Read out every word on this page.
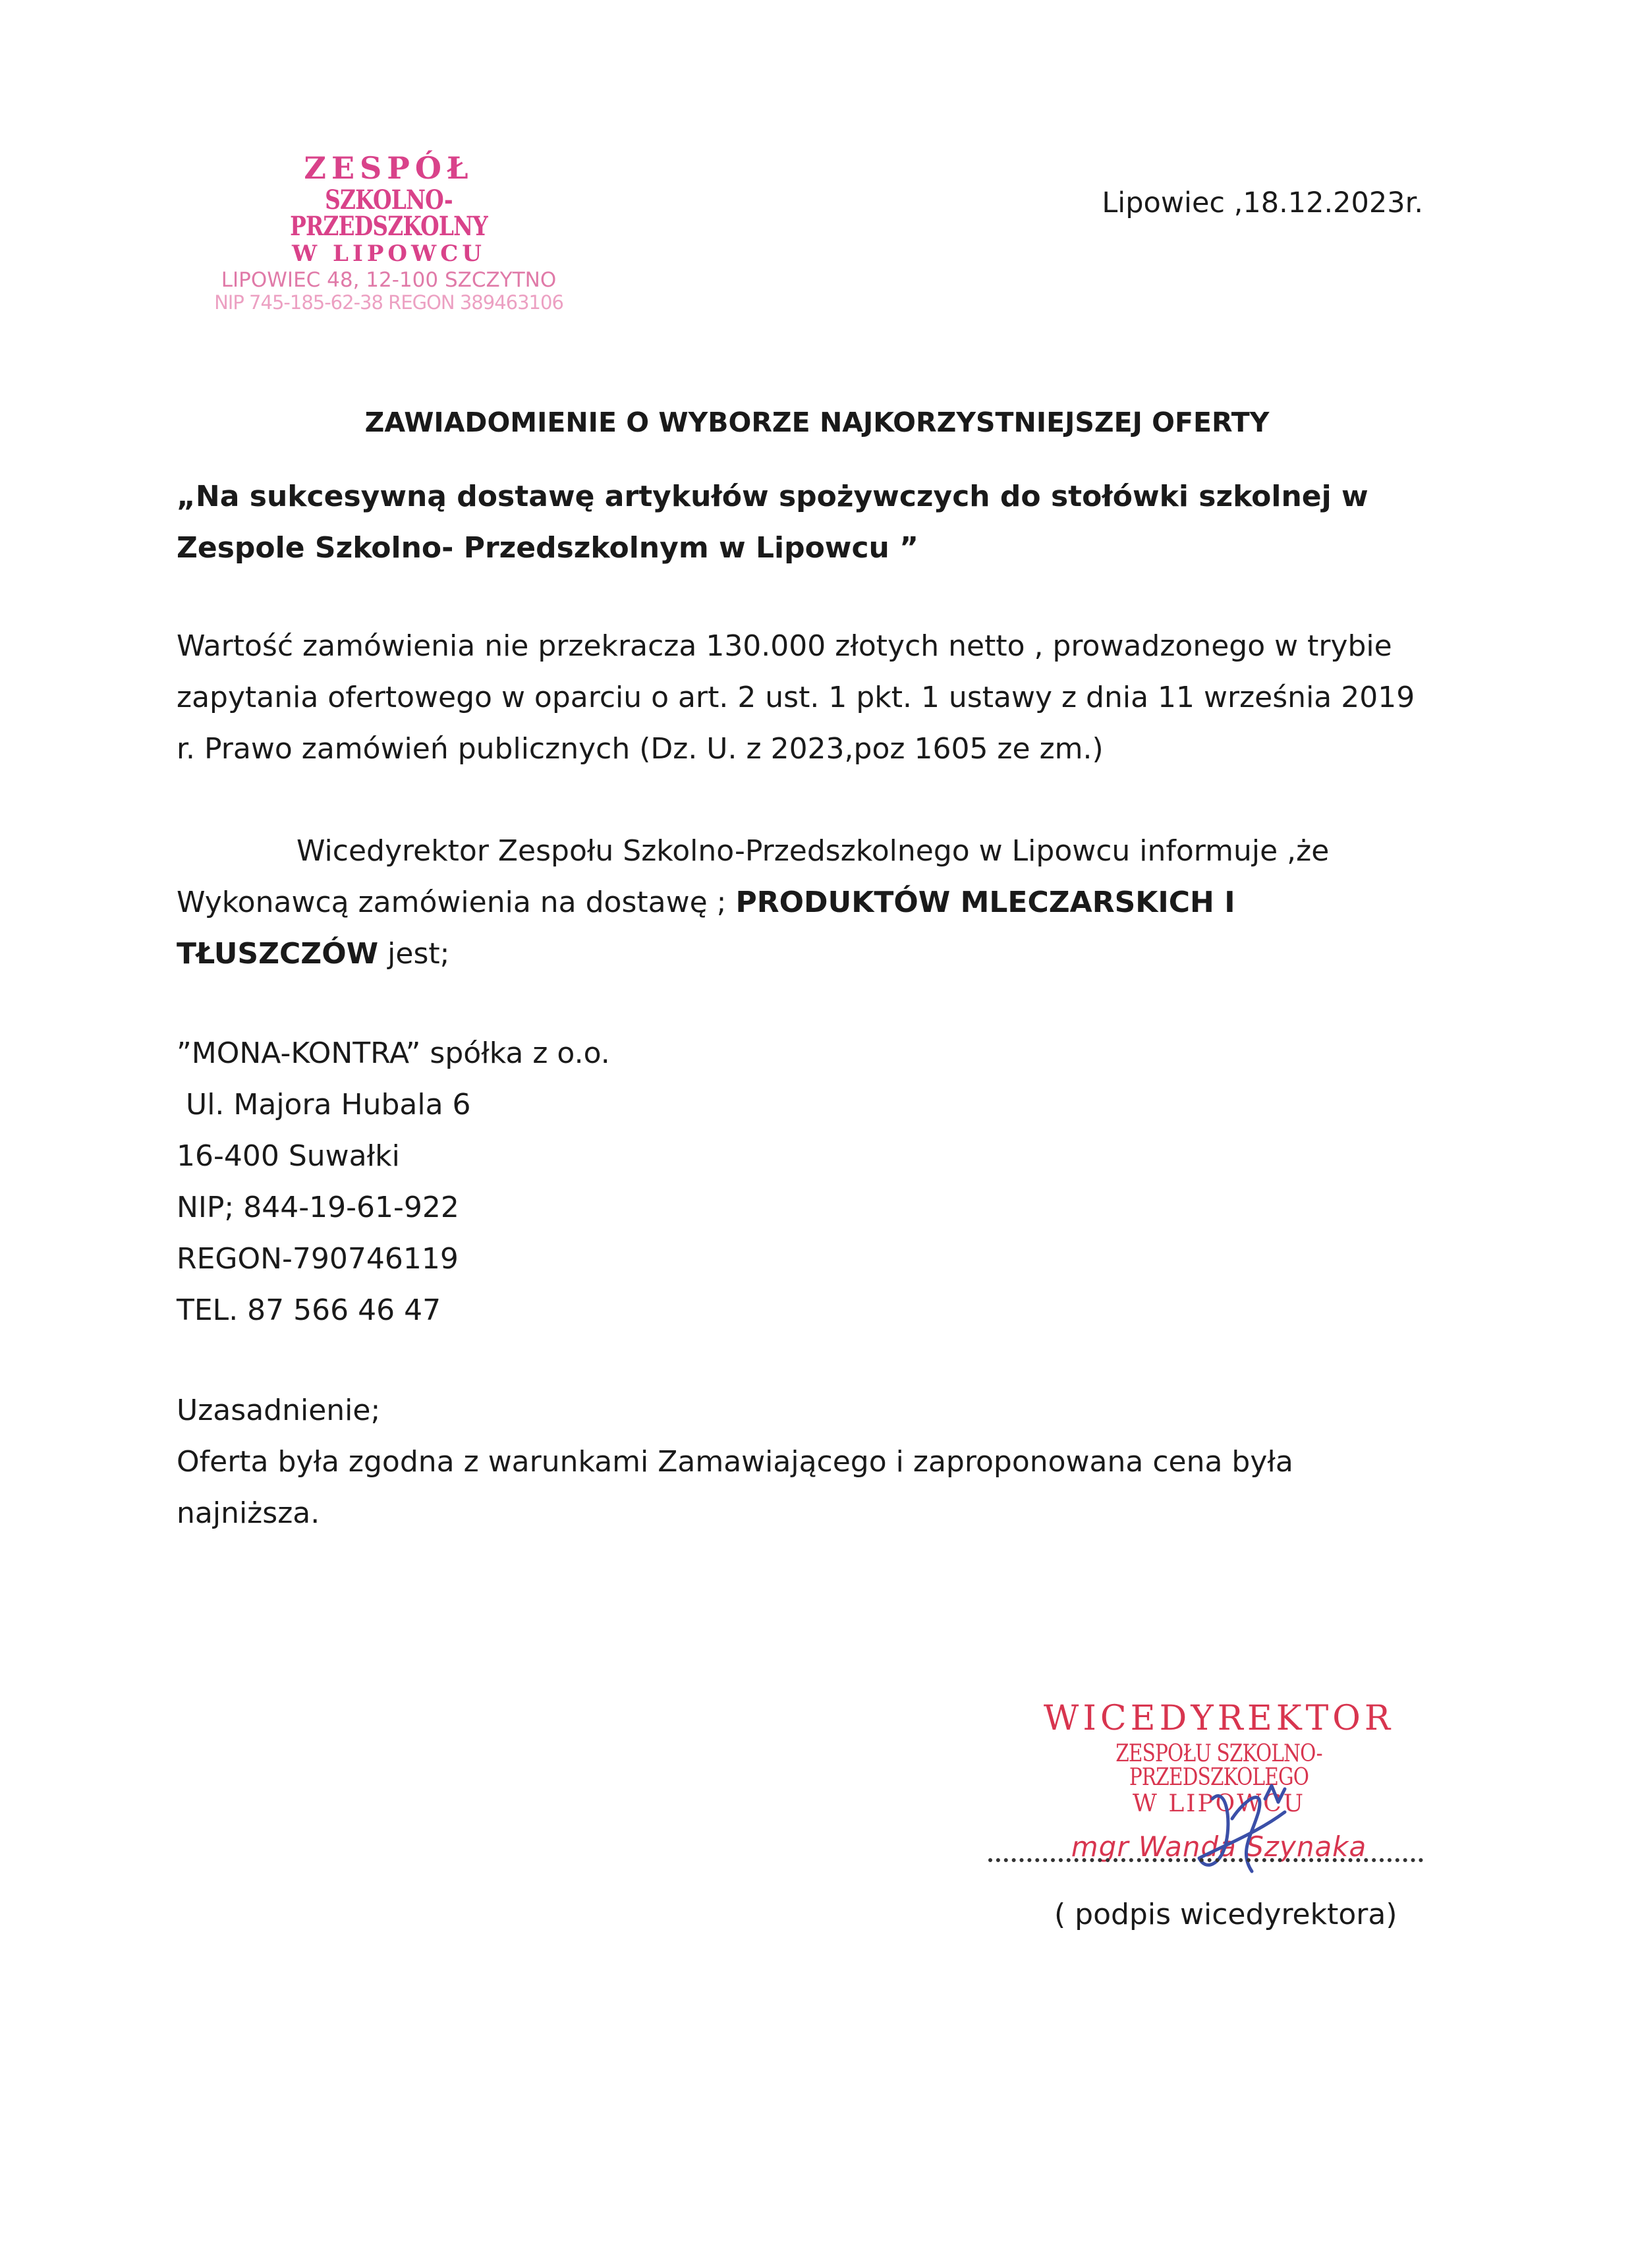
ZESPÓŁ
SZKOLNO-PRZEDSZKOLNY
W LIPOWCU
LIPOWIEC 48, 12-100 SZCZYTNO
NIP 745-185-62-38 REGON 389463106
Lipowiec ,18.12.2023r.
ZAWIADOMIENIE O WYBORZE NAJKORZYSTNIEJSZEJ OFERTY
„Na sukcesywną dostawę artykułów spożywczych do stołówki szkolnej w Zespole Szkolno- Przedszkolnym w Lipowcu ”
Wartość zamówienia nie przekracza 130.000 złotych netto , prowadzonego w trybie zapytania ofertowego w oparciu o art. 2 ust. 1 pkt. 1 ustawy z dnia 11 września 2019 r. Prawo zamówień publicznych (Dz. U. z 2023,poz 1605 ze zm.)
Wicedyrektor Zespołu Szkolno-Przedszkolnego w Lipowcu informuje ,że Wykonawcą zamówienia na dostawę ; PRODUKTÓW MLECZARSKICH I TŁUSZCZÓW jest;
”MONA-KONTRA” spółka z o.o.
Ul. Majora Hubala 6
16-400 Suwałki
NIP; 844-19-61-922
REGON-790746119
TEL. 87 566 46 47
Uzasadnienie;
Oferta była zgodna z warunkami Zamawiającego i zaproponowana cena była najniższa.
WICEDYREKTOR
ZESPOŁU SZKOLNO-PRZEDSZKOLEGO
W LIPOWCU
mgr Wanda Szynaka
( podpis wicedyrektora)
